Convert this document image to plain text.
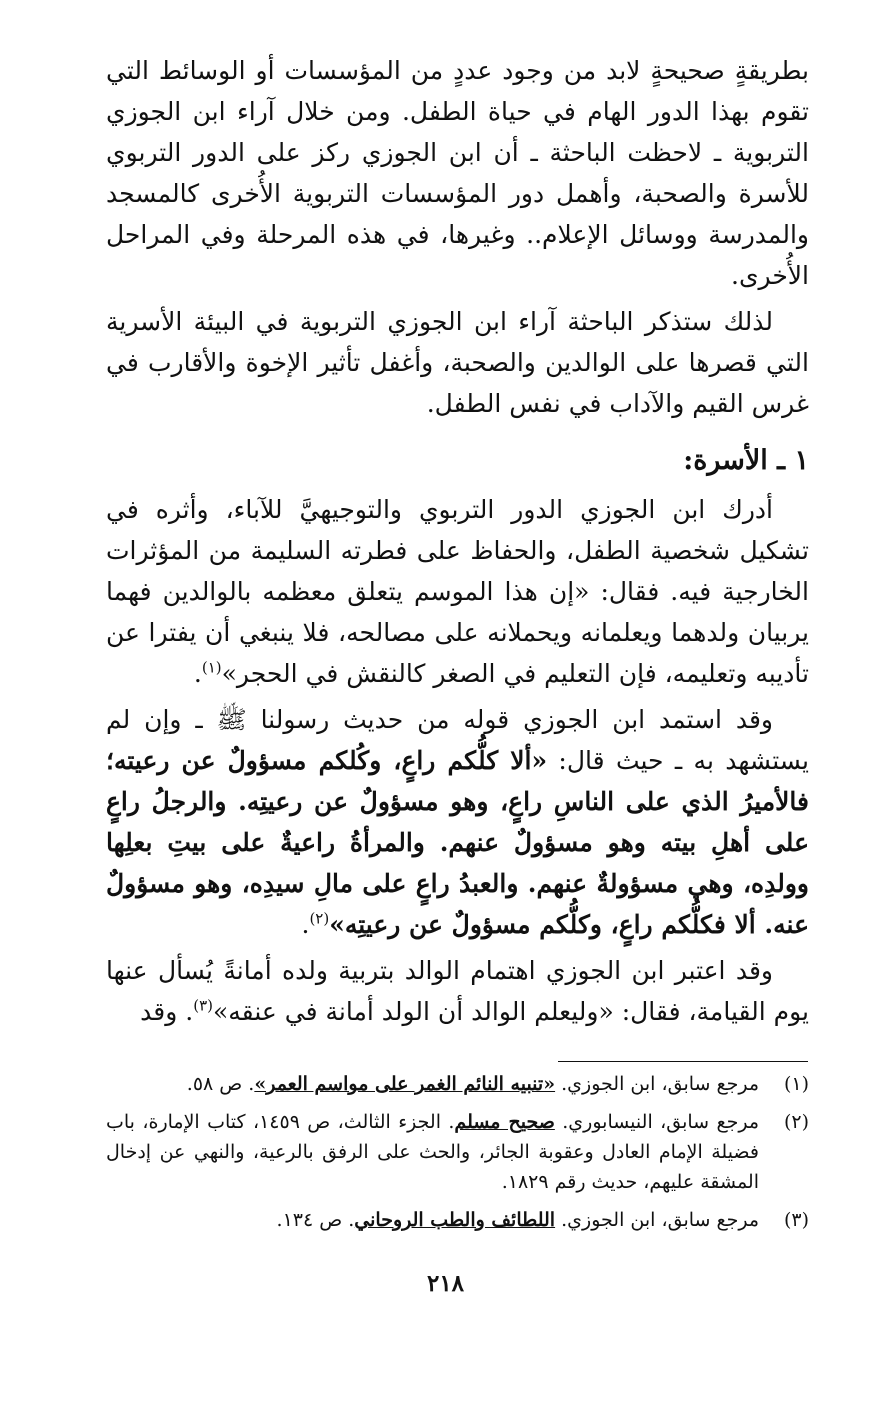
بطريقةٍ صحيحةٍ لابد من وجود عددٍ من المؤسسات أو الوسائط التي تقوم بهذا الدور الهام في حياة الطفل. ومن خلال آراء ابن الجوزي التربوية ـ لاحظت الباحثة ـ أن ابن الجوزي ركز على الدور التربوي للأسرة والصحبة، وأهمل دور المؤسسات التربوية الأُخرى كالمسجد والمدرسة ووسائل الإعلام.. وغيرها، في هذه المرحلة وفي المراحل الأُخرى.

لذلك ستذكر الباحثة آراء ابن الجوزي التربوية في البيئة الأسرية التي قصرها على الوالدين والصحبة، وأغفل تأثير الإخوة والأقارب في غرس القيم والآداب في نفس الطفل.

١ ـ الأسرة:

أدرك ابن الجوزي الدور التربوي والتوجيهيَّ للآباء، وأثره في تشكيل شخصية الطفل، والحفاظ على فطرته السليمة من المؤثرات الخارجية فيه. فقال: «إن هذا الموسم يتعلق معظمه بالوالدين فهما يربيان ولدهما ويعلمانه ويحملانه على مصالحه، فلا ينبغي أن يفترا عن تأديبه وتعليمه، فإن التعليم في الصغر كالنقش في الحجر»$^{(١)}$.

وقد استمد ابن الجوزي قوله من حديث رسولنا ﷺ ـ وإن لم يستشهد به ـ حيث قال: «ألا كلُّكم راعٍ، وكُلكم مسؤولٌ عن رعيته؛ فالأميرُ الذي على الناسِ راعٍ، وهو مسؤولٌ عن رعيتِه. والرجلُ راعٍ على أهلِ بيته وهو مسؤولٌ عنهم. والمرأةُ راعيةٌ على بيتِ بعلِها وولدِه، وهي مسؤولةٌ عنهم. والعبدُ راعٍ على مالِ سيدِه، وهو مسؤولٌ عنه. ألا فكلُّكم راعٍ، وكلُّكم مسؤولٌ عن رعيتِه»$^{(٢)}$.

وقد اعتبر ابن الجوزي اهتمام الوالد بتربية ولده أمانةً يُسأل عنها يوم القيامة، فقال: «وليعلم الوالد أن الولد أمانة في عنقه»$^{(٣)}$. وقد

(١)
مرجع سابق، ابن الجوزي. «تنبيه النائم الغمر على مواسم العمر». ص ٥٨.
(٢)
مرجع سابق، النيسابوري. صحيح مسلم. الجزء الثالث، ص ١٤٥٩، كتاب الإمارة، باب فضيلة الإمام العادل وعقوبة الجائر، والحث على الرفق بالرعية، والنهي عن إدخال المشقة عليهم، حديث رقم ١٨٢٩.
(٣)
مرجع سابق، ابن الجوزي. اللطائف والطب الروحاني. ص ١٣٤.
٢١٨
